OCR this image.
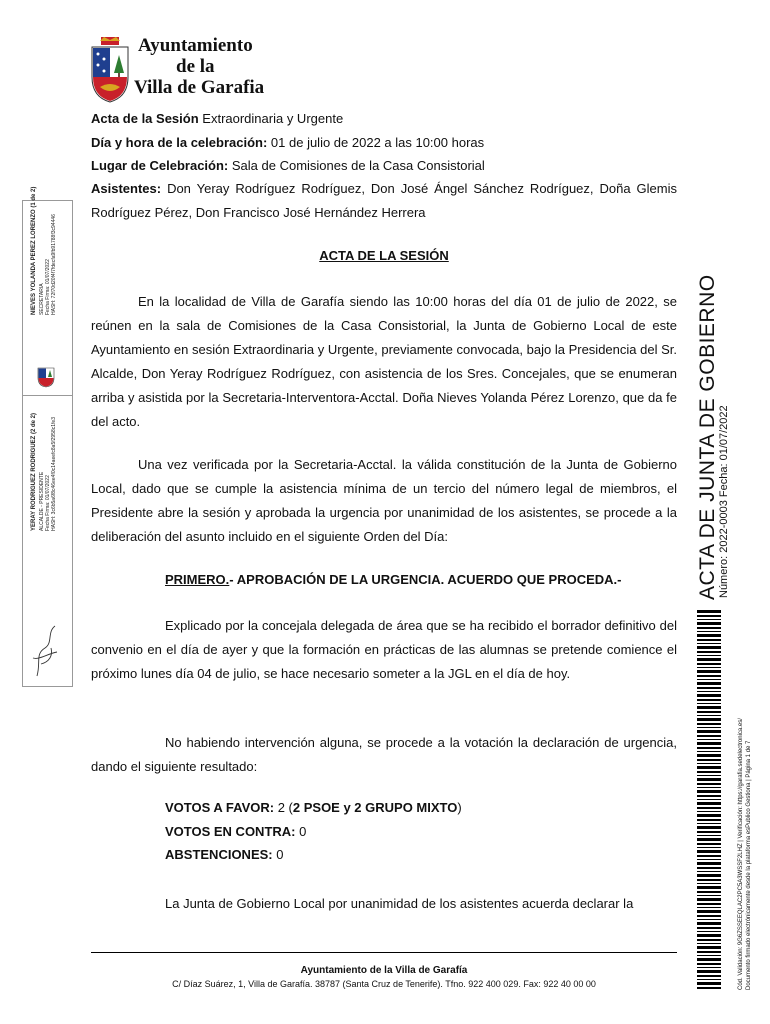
Ayuntamiento
de la
Villa de Garafia
Acta de la Sesión Extraordinaria y Urgente
Día y hora de la celebración: 01 de julio de 2022 a las 10:00 horas
Lugar de Celebración: Sala de Comisiones de la Casa Consistorial
Asistentes: Don Yeray Rodríguez Rodríguez, Don José Ángel Sánchez Rodríguez, Doña Glemis Rodríguez Pérez, Don Francisco José Hernández Herrera
ACTA DE LA SESIÓN
En la localidad de Villa de Garafía siendo las 10:00 horas del día 01 de julio de 2022, se reúnen en la sala de Comisiones de la Casa Consistorial, la Junta de Gobierno Local de este Ayuntamiento en sesión Extraordinaria y Urgente, previamente convocada, bajo la Presidencia del Sr. Alcalde, Don Yeray Rodríguez Rodríguez, con asistencia de los Sres. Concejales, que se enumeran arriba y asistida por la Secretaria-Interventora-Acctal. Doña Nieves Yolanda Pérez Lorenzo, que da fe del acto.
Una vez verificada por la Secretaria-Acctal. la válida constitución de la Junta de Gobierno Local, dado que se cumple la asistencia mínima de un tercio del número legal de miembros, el Presidente abre la sesión y aprobada la urgencia por unanimidad de los asistentes, se procede a la deliberación del asunto incluido en el siguiente Orden del Día:
PRIMERO.- APROBACIÓN DE LA URGENCIA. ACUERDO QUE PROCEDA.-
Explicado por la concejala delegada de área que se ha recibido el borrador definitivo del convenio en el día de ayer y que la formación en prácticas de las alumnas se pretende comience el próximo lunes día 04 de julio, se hace necesario someter a la JGL en el día de hoy.
No habiendo intervención alguna, se procede a la votación la declaración de urgencia, dando el siguiente resultado:
VOTOS A FAVOR: 2 (2 PSOE y 2 GRUPO MIXTO)
VOTOS EN CONTRA: 0
ABSTENCIONES: 0
La Junta de Gobierno Local por unanimidad de los asistentes acuerda declarar la
Ayuntamiento de la Villa de Garafía
C/ Díaz Suárez, 1, Villa de Garafía. 38787 (Santa Cruz de Tenerife). Tfno. 922 400 029. Fax: 922 40 00 00
NIEVES YOLANDA PEREZ LORENZO (1 de 2) SECRETARIA Fecha Firma: 01/07/2022 HASH: 72f70d20f4f7fdecfa9fb91788f3c94446
YERAY RODRIGUEZ RODRIGUEZ (2 de 2) ALCALDE - PRESIDENTE Fecha Firma: 01/07/2022 HASH: 3c6b5a6f8c46ee4f0c14aeefc8a5f2958c1fe3	ACTA DE JUNTA DE GOBIERNO Número: 2022-0003 Fecha: 01/07/2022
Cód. Validación: 9G6ZSSEEQLAC2PC5A3WSSF2LHZ | Verificación: https://garafia.sedelectronica.es/ Documento firmado electrónicamente desde la plataforma esPublico Gestiona | Página 1 de 7
